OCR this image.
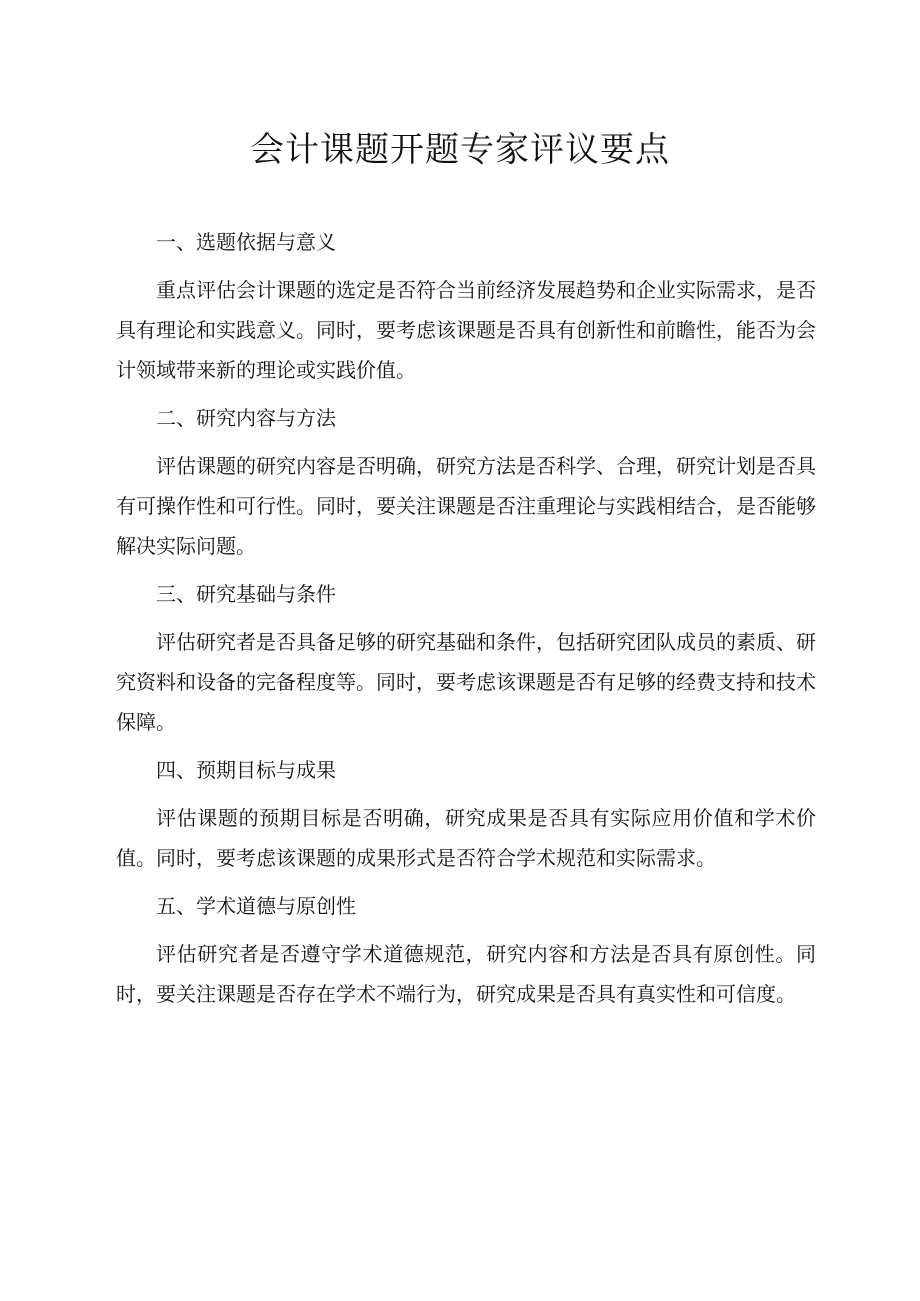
会计课题开题专家评议要点

一、选题依据与意义

重点评估会计课题的选定是否符合当前经济发展趋势和企业实际需求，是否具有理论和实践意义。同时，要考虑该课题是否具有创新性和前瞻性，能否为会计领域带来新的理论或实践价值。

二、研究内容与方法

评估课题的研究内容是否明确，研究方法是否科学、合理，研究计划是否具有可操作性和可行性。同时，要关注课题是否注重理论与实践相结合，是否能够解决实际问题。

三、研究基础与条件

评估研究者是否具备足够的研究基础和条件，包括研究团队成员的素质、研究资料和设备的完备程度等。同时，要考虑该课题是否有足够的经费支持和技术保障。

四、预期目标与成果

评估课题的预期目标是否明确，研究成果是否具有实际应用价值和学术价值。同时，要考虑该课题的成果形式是否符合学术规范和实际需求。

五、学术道德与原创性

评估研究者是否遵守学术道德规范，研究内容和方法是否具有原创性。同时，要关注课题是否存在学术不端行为，研究成果是否具有真实性和可信度。
